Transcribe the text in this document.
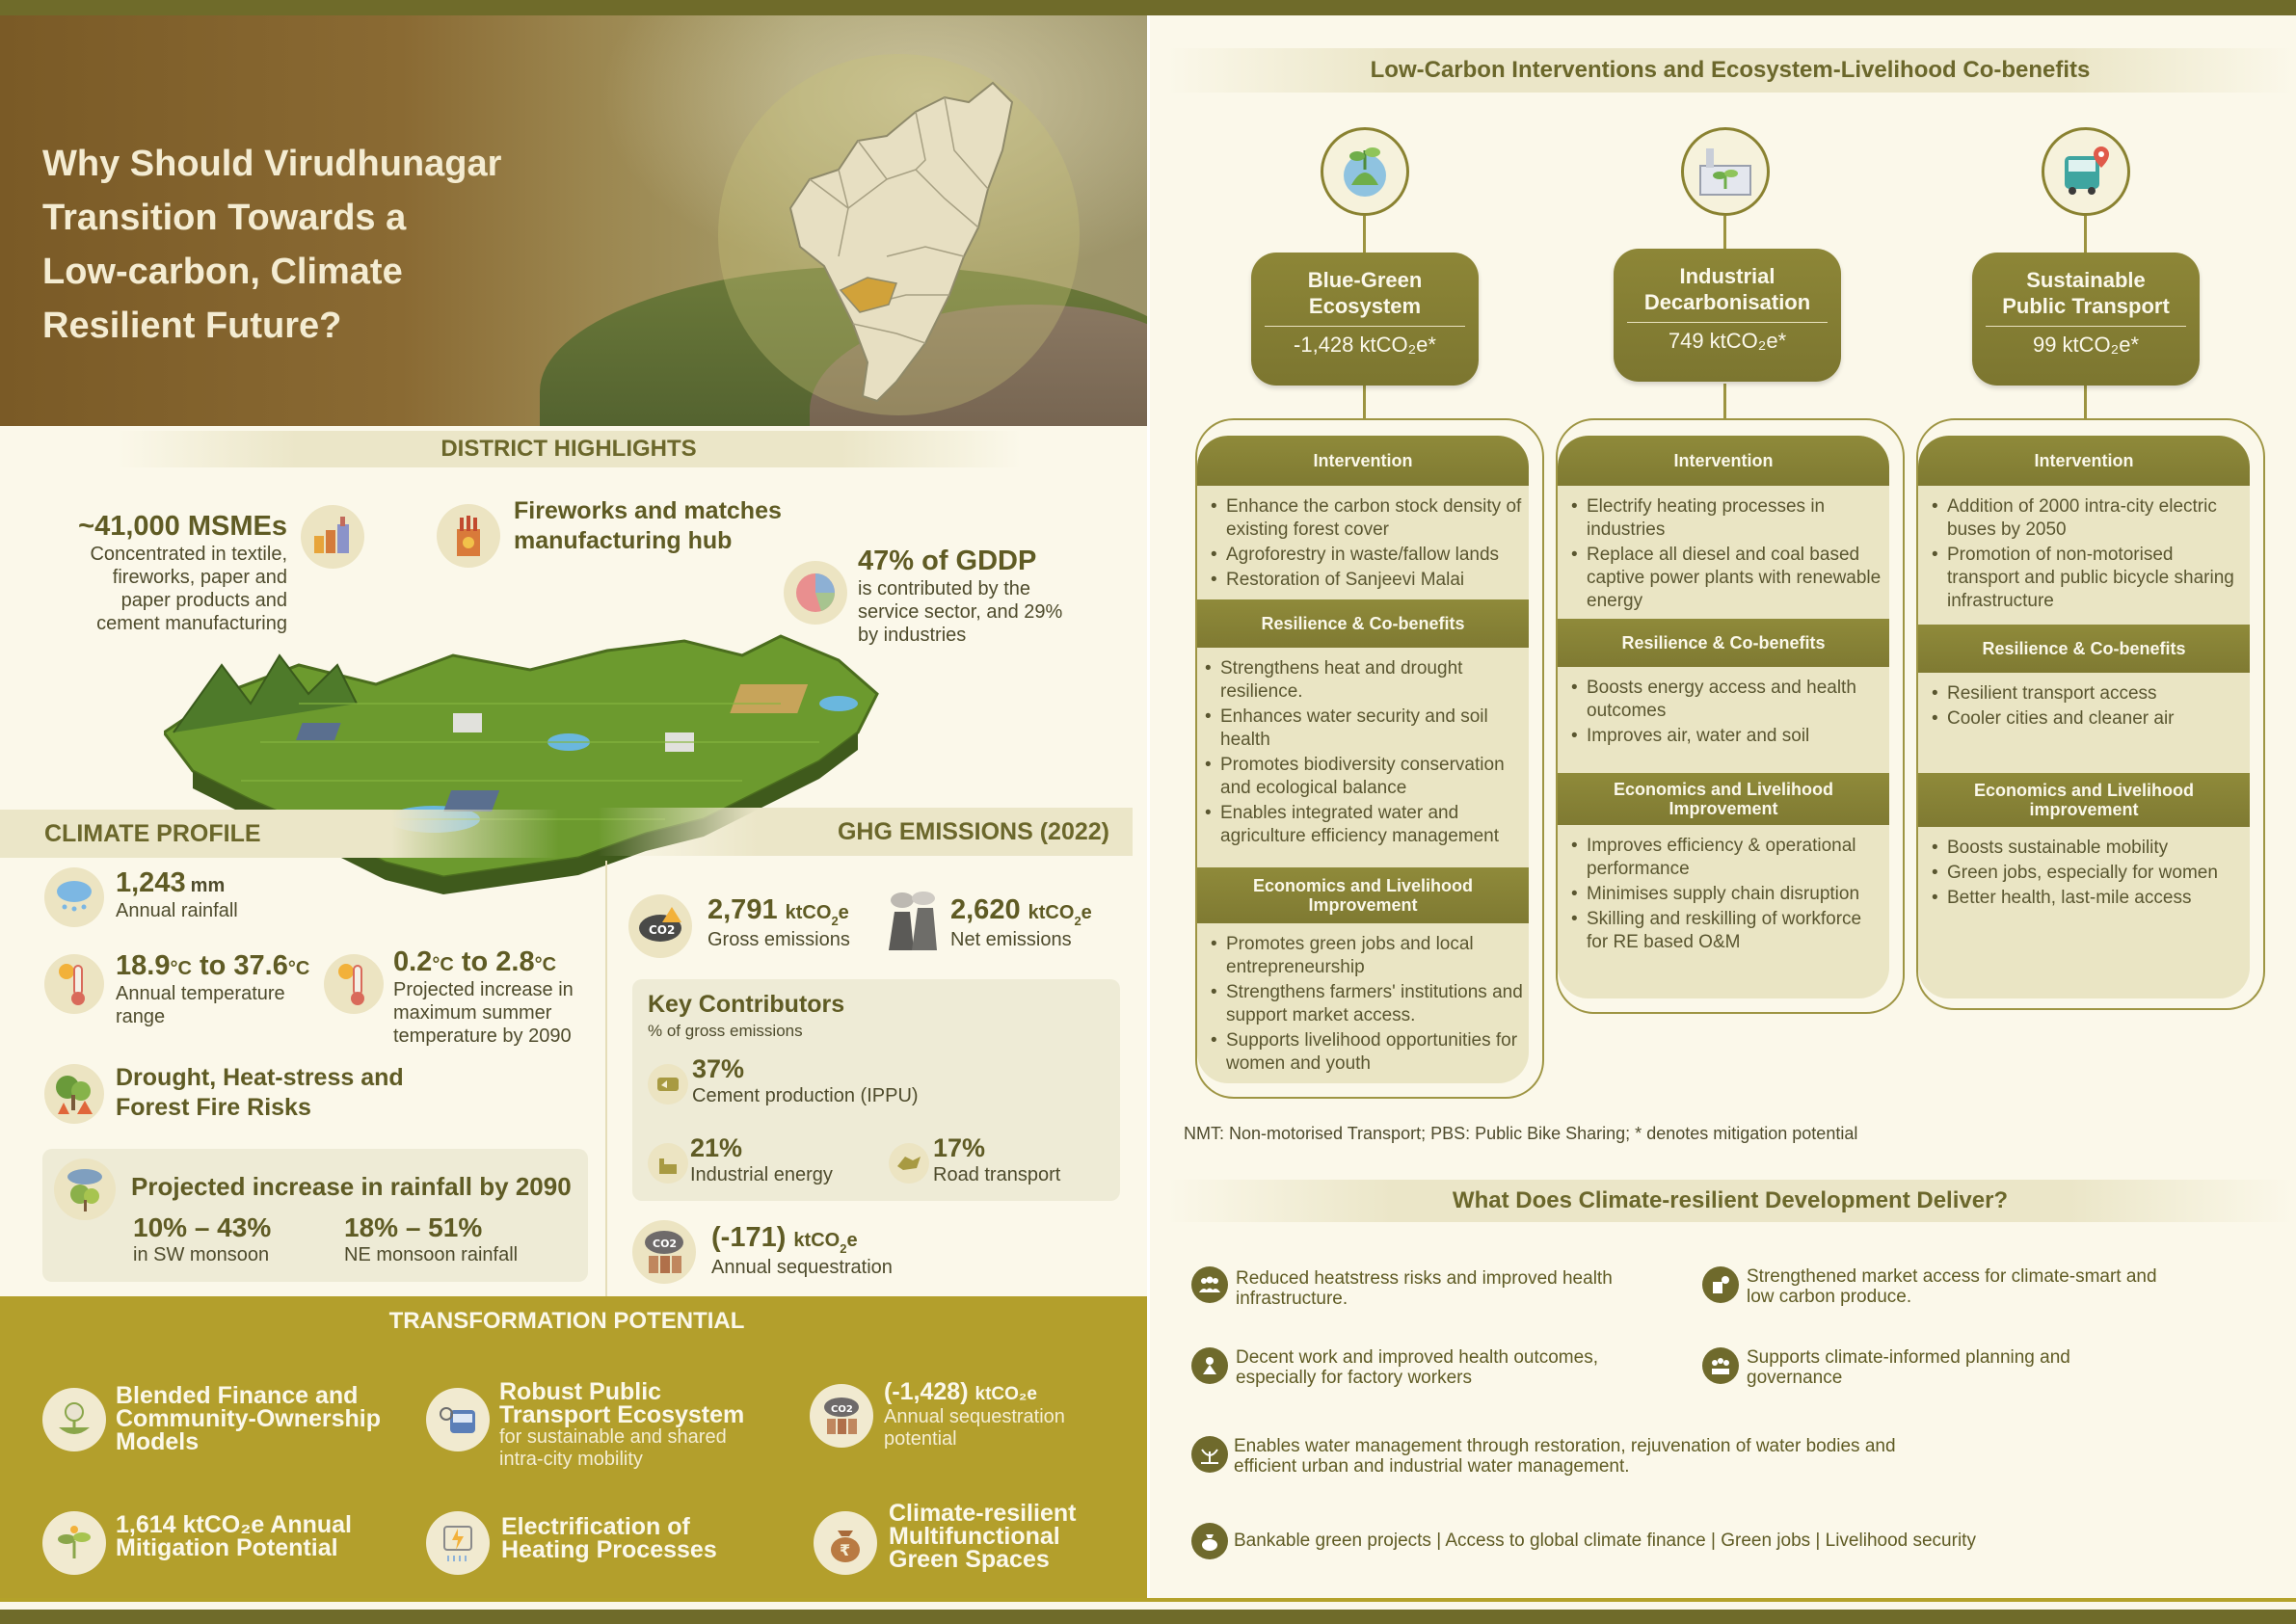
Why Should Virudhunagar
Transition Towards a
Low-carbon, Climate
Resilient Future?
DISTRICT HIGHLIGHTS
~41,000 MSMEs
Concentrated in textile,
fireworks, paper and
paper products and
cement manufacturing
Fireworks and matches
manufacturing hub
47% of GDDP
is contributed by the
service sector, and 29%
by industries
CLIMATE PROFILE	GHG EMISSIONS (2022)
1,243 mm
Annual rainfall
18.9°C to 37.6°C
Annual temperature
range
0.2°C to 2.8°C
Projected increase in
maximum summer
temperature by 2090
Drought, Heat-stress and
Forest Fire Risks
Projected increase in rainfall by 2090
10% – 43%
in SW monsoon
18% – 51%
NE monsoon rainfall
CO2
2,791 ktCO$_2$e
Gross emissions
2,620 ktCO$_2$e
Net emissions
Key Contributors
% of gross emissions
37%
Cement production (IPPU)
21%
Industrial energy
17%
Road transport
CO2 (-171) ktCO$_2$e
Annual sequestration
TRANSFORMATION POTENTIAL
Blended Finance and
Community-Ownership
Models
Robust Public
Transport Ecosystem
for sustainable and shared
intra-city mobility
CO2
(-1,428) ktCO₂e
Annual sequestration
potential
1,614 ktCO₂e Annual
Mitigation Potential
Electrification of
Heating Processes	₹
Climate-resilient
Multifunctional
Green Spaces
Low-Carbon Interventions and Ecosystem-Livelihood Co-benefits
Blue-Green
Ecosystem
-1,428 ktCO₂e*
Industrial
Decarbonisation
749 ktCO₂e*
Sustainable
Public Transport
99 ktCO₂e*
Intervention
• Enhance the carbon stock density of existing forest cover
• Agroforestry in waste/fallow lands
• Restoration of Sanjeevi Malai
Resilience & Co-benefits
• Strengthens heat and drought resilience.
• Enhances water security and soil health
• Promotes biodiversity conservation and ecological balance
• Enables integrated water and agriculture efficiency management
Economics and Livelihood Improvement
• Promotes green jobs and local entrepreneurship
• Strengthens farmers' institutions and support market access.
• Supports livelihood opportunities for women and youth
Intervention
• Electrify heating processes in industries
• Replace all diesel and coal based captive power plants with renewable energy
Resilience & Co-benefits
• Boosts energy access and health outcomes
• Improves air, water and soil
Economics and Livelihood Improvement
• Improves efficiency & operational performance
• Minimises supply chain disruption
• Skilling and reskilling of workforce for RE based O&M
Intervention
• Addition of 2000 intra-city electric buses by 2050
• Promotion of non-motorised transport and public bicycle sharing infrastructure
Resilience & Co-benefits
• Resilient transport access
• Cooler cities and cleaner air
Economics and Livelihood improvement
• Boosts sustainable mobility
• Green jobs, especially for women
• Better health, last-mile access
NMT: Non-motorised Transport; PBS: Public Bike Sharing; * denotes mitigation potential
What Does Climate-resilient Development Deliver?
Reduced heatstress risks and improved health
infrastructure.
Strengthened market access for climate-smart and
low carbon produce.
Decent work and improved health outcomes,
especially for factory workers
Supports climate-informed planning and
governance
Enables water management through restoration, rejuvenation of water bodies and
efficient urban and industrial water management.
Bankable green projects | Access to global climate finance | Green jobs | Livelihood security
